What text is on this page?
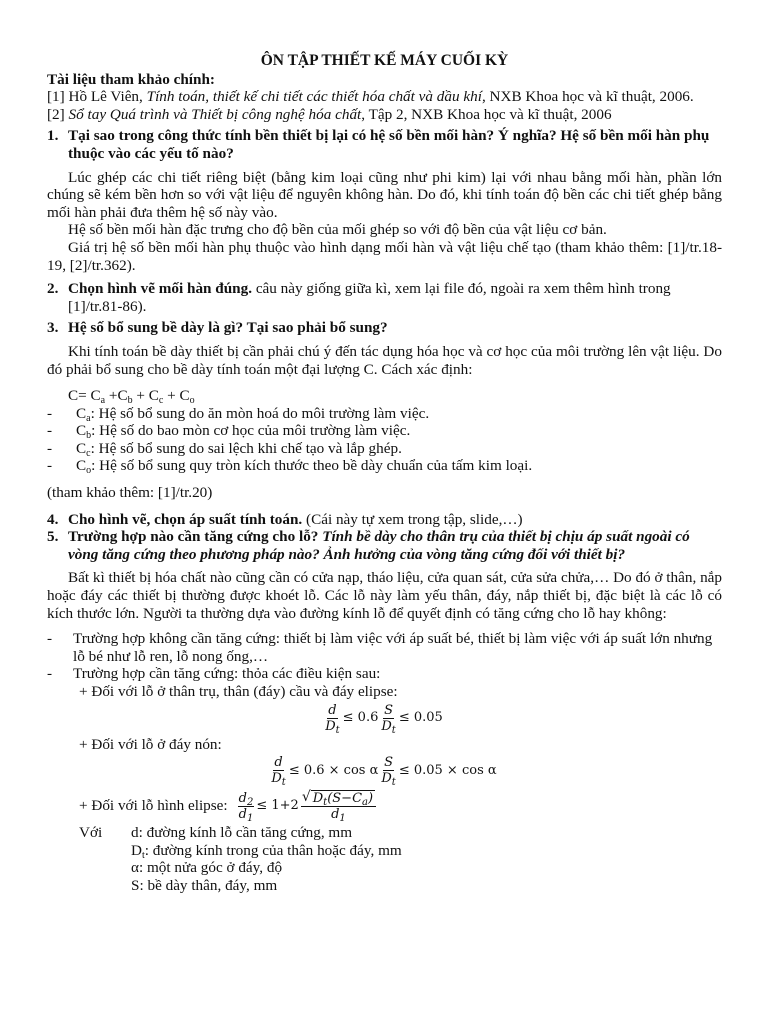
ÔN TẬP THIẾT KẾ MÁY CUỐI KỲ
Tài liệu tham khảo chính:
[1] Hồ Lê Viên, Tính toán, thiết kế chi tiết các thiết hóa chất và dầu khí, NXB Khoa học và kĩ thuật, 2006.
[2] Sổ tay Quá trình và Thiết bị công nghệ hóa chất, Tập 2, NXB Khoa học và kĩ thuật, 2006
1. Tại sao trong công thức tính bền thiết bị lại có hệ số bền mối hàn? Ý nghĩa? Hệ số bền mối hàn phụ thuộc vào các yếu tố nào?

Lúc ghép các chi tiết riêng biệt (bằng kim loại cũng như phi kim) lại với nhau bằng mối hàn, phần lớn chúng sẽ kém bền hơn so với vật liệu để nguyên không hàn. Do đó, khi tính toán độ bền các chi tiết ghép bằng mối hàn phải đưa thêm hệ số này vào.

Hệ số bền mối hàn đặc trưng cho độ bền của mối ghép so với độ bền của vật liệu cơ bản.

Giá trị hệ số bền mối hàn phụ thuộc vào hình dạng mối hàn và vật liệu chế tạo (tham khảo thêm: [1]/tr.18-19, [2]/tr.362).

2. Chọn hình vẽ mối hàn đúng. câu này giống giữa kì, xem lại file đó, ngoài ra xem thêm hình trong [1]/tr.81-86).
3. Hệ số bổ sung bề dày là gì? Tại sao phải bổ sung?

Khi tính toán bề dày thiết bị cần phải chú ý đến tác dụng hóa học và cơ học của môi trường lên vật liệu. Do đó phải bổ sung cho bề dày tính toán một đại lượng C. Cách xác định:

$C= C_a +C_b + C_c + C_o$
-	$C_a$: Hệ số bổ sung do ăn mòn hoá do môi trường làm việc.
-	$C_b$: Hệ số do bao mòn cơ học của môi trường làm việc.
-	$C_c$: Hệ số bổ sung do sai lệch khi chế tạo và lắp ghép.
-	$C_o$: Hệ số bổ sung quy tròn kích thước theo bề dày chuẩn của tấm kim loại.
(tham khảo thêm: [1]/tr.20)
4. Cho hình vẽ, chọn áp suất tính toán. (Cái này tự xem trong tập, slide,…)
5. Trường hợp nào cần tăng cứng cho lỗ? Tính bề dày cho thân trụ của thiết bị chịu áp suất ngoài có vòng tăng cứng theo phương pháp nào? Ảnh hưởng của vòng tăng cứng đối với thiết bị?

Bất kì thiết bị hóa chất nào cũng cần có cửa nạp, tháo liệu, cửa quan sát, cửa sửa chửa,… Do đó ở thân, nắp hoặc đáy các thiết bị thường được khoét lỗ. Các lỗ này làm yếu thân, đáy, nắp thiết bị, đặc biệt là các lỗ có kích thước lớn. Người ta thường dựa vào đường kính lỗ để quyết định có tăng cứng cho lỗ hay không:

-	Trường hợp không cần tăng cứng: thiết bị làm việc với áp suất bé, thiết bị làm việc với áp suất lớn nhưng lỗ bé như lỗ ren, lỗ nong ống,…
-	Trường hợp cần tăng cứng: thỏa các điều kiện sau:
+ Đối với lỗ ở thân trụ, thân (đáy) cầu và đáy elipse:
$\frac{d}{D_t} \le 0.6 \frac{S}{D_t} \le 0.05$
+ Đối với lỗ ở đáy nón:
$\frac{d}{D_t} \le 0.6 \times \cos \alpha \frac{S}{D_t} \le 0.05 \times \cos \alpha$
+ Đối với lỗ hình elipse: $\frac{d_2}{d_1} \le 1+2 \frac{√ D_t(S-C_a)}{d_1}$
Với	d: đường kính lỗ cần tăng cứng, mm
$D_t$: đường kính trong của thân hoặc đáy, mm
α: một nửa góc ở đáy, độ
S: bề dày thân, đáy, mm
